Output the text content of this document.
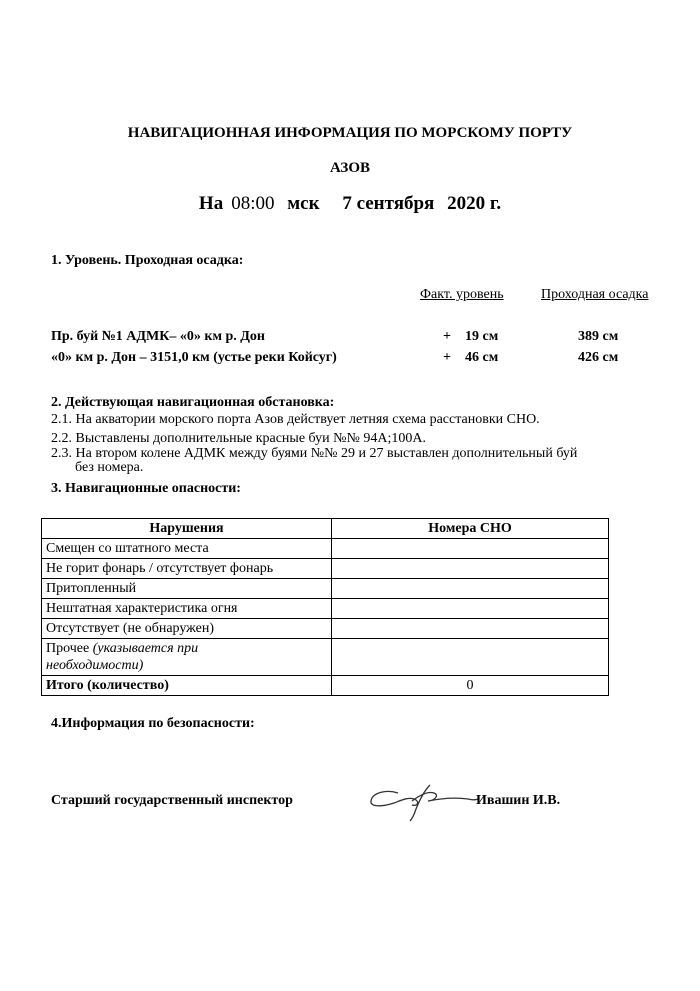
НАВИГАЦИОННАЯ ИНФОРМАЦИЯ ПО МОРСКОМУ ПОРТУ
АЗОВ
На 08:00 мск 7 сентября 2020 г.
1. Уровень. Проходная осадка:
Факт. уровень	Проходная осадка
Пр. буй №1 АДМК– «0» км р. Дон	+ 19 см	389 см
«0» км р. Дон – 3151,0 км (устье реки Койсуг)	+ 46 см	426 см
2. Действующая навигационная обстановка:
2.1. На акватории морского порта Азов действует летняя схема расстановки СНО.
2.2. Выставлены дополнительные красные буи №№ 94А;100А.
2.3. На втором колене АДМК между буями №№ 29 и 27 выставлен дополнительный буй
без номера.
3. Навигационные опасности:
Нарушения	Номера СНО
Смещен со штатного места	
Не горит фонарь / отсутствует фонарь	
Притопленный	
Нештатная характеристика огня	
Отсутствует (не обнаружен)	
Прочее (указывается при
необходимости)	
Итого (количество)	0
4.Информация по безопасности:
Старший государственный инспектор	Ивашин И.В.
